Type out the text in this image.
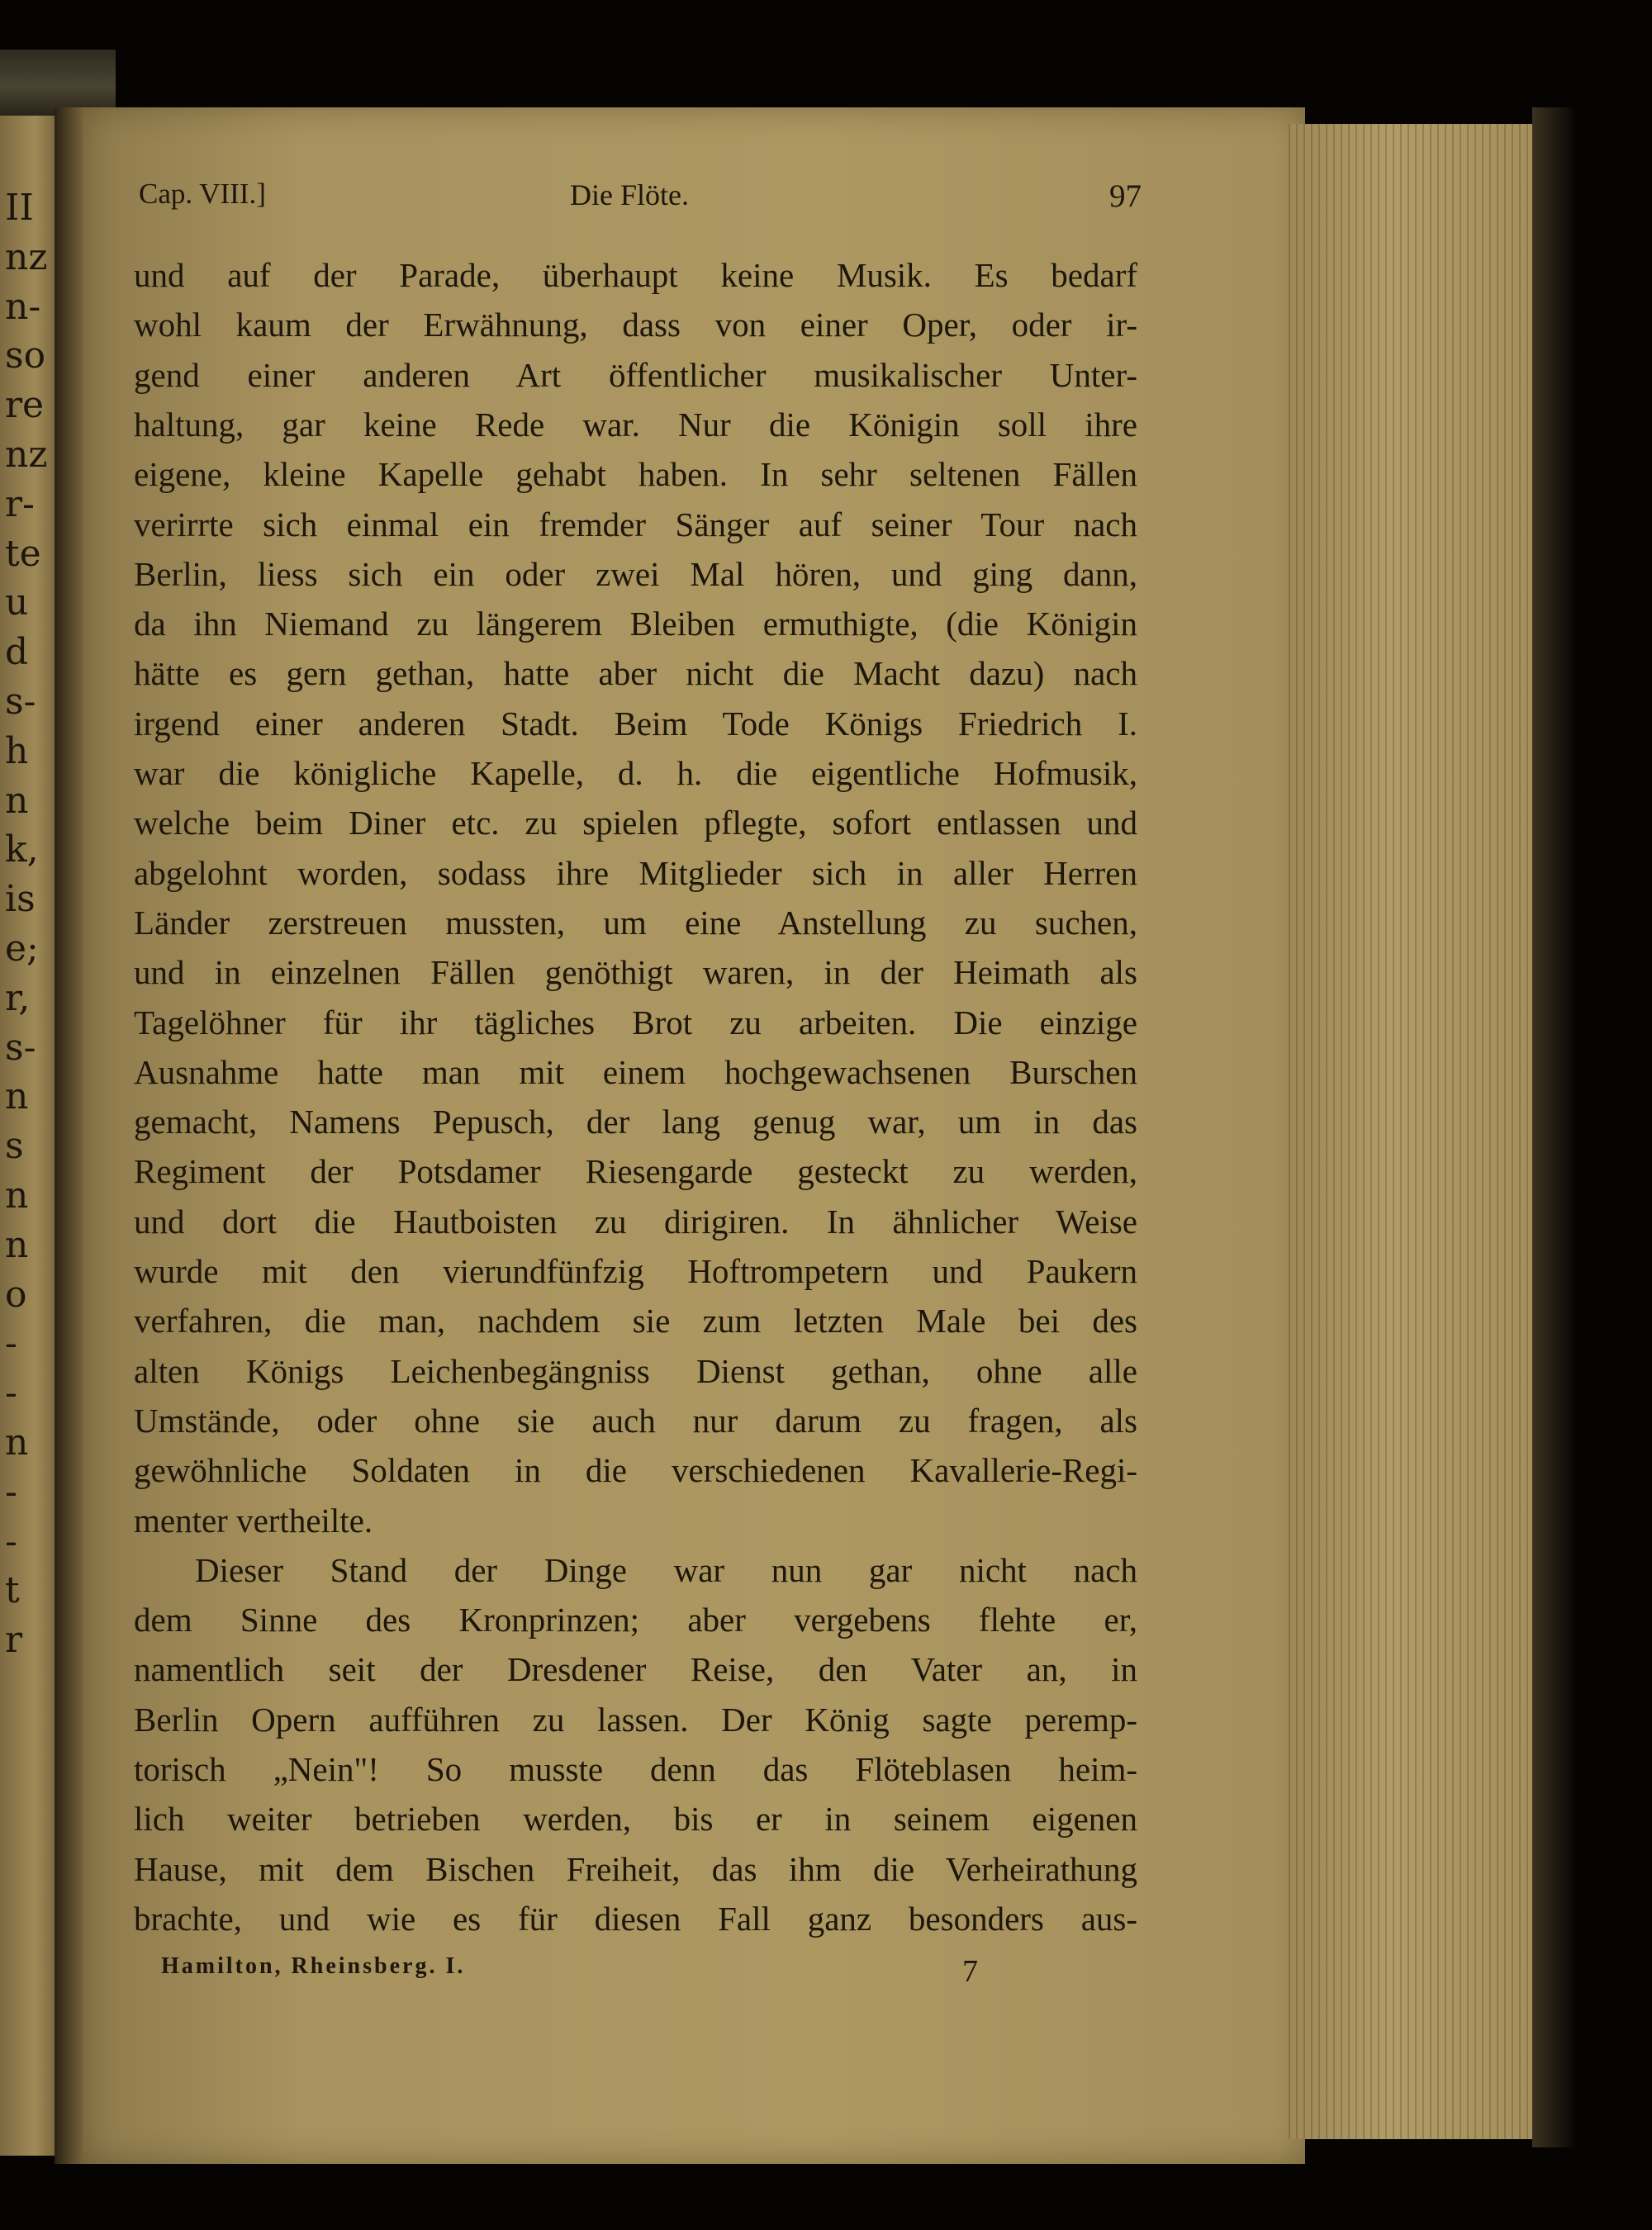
II
nz
n-
so
re
nz
r-
te
u
d
s-
h
n
k,
is
e;
r,
s-
n
s
n
n
o
-
-
n
-
-
t
r
Cap. VIII.]	Die Flöte.	97
und auf der Parade, überhaupt keine Musik. Es bedarf
wohl kaum der Erwähnung, dass von einer Oper, oder ir-
gend einer anderen Art öffentlicher musikalischer Unter-
haltung, gar keine Rede war. Nur die Königin soll ihre
eigene, kleine Kapelle gehabt haben. In sehr seltenen Fällen
verirrte sich einmal ein fremder Sänger auf seiner Tour nach
Berlin, liess sich ein oder zwei Mal hören, und ging dann,
da ihn Niemand zu längerem Bleiben ermuthigte, (die Königin
hätte es gern gethan, hatte aber nicht die Macht dazu) nach
irgend einer anderen Stadt. Beim Tode Königs Friedrich I.
war die königliche Kapelle, d. h. die eigentliche Hofmusik,
welche beim Diner etc. zu spielen pflegte, sofort entlassen und
abgelohnt worden, sodass ihre Mitglieder sich in aller Herren
Länder zerstreuen mussten, um eine Anstellung zu suchen,
und in einzelnen Fällen genöthigt waren, in der Heimath als
Tagelöhner für ihr tägliches Brot zu arbeiten. Die einzige
Ausnahme hatte man mit einem hochgewachsenen Burschen
gemacht, Namens Pepusch, der lang genug war, um in das
Regiment der Potsdamer Riesengarde gesteckt zu werden,
und dort die Hautboisten zu dirigiren. In ähnlicher Weise
wurde mit den vierundfünfzig Hoftrompetern und Paukern
verfahren, die man, nachdem sie zum letzten Male bei des
alten Königs Leichenbegängniss Dienst gethan, ohne alle
Umstände, oder ohne sie auch nur darum zu fragen, als
gewöhnliche Soldaten in die verschiedenen Kavallerie-Regi-
menter vertheilte.
Dieser Stand der Dinge war nun gar nicht nach
dem Sinne des Kronprinzen; aber vergebens flehte er,
namentlich seit der Dresdener Reise, den Vater an, in
Berlin Opern aufführen zu lassen. Der König sagte peremp-
torisch „Nein"! So musste denn das Flöteblasen heim-
lich weiter betrieben werden, bis er in seinem eigenen
Hause, mit dem Bischen Freiheit, das ihm die Verheirathung
brachte, und wie es für diesen Fall ganz besonders aus-
Hamilton, Rheinsberg. I.	7
